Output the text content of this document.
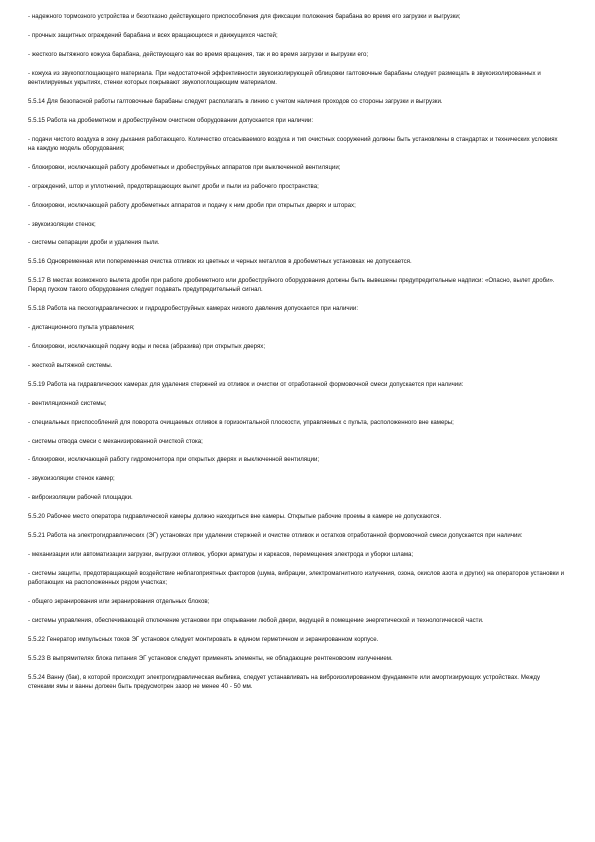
- надежного тормозного устройства и безотказно действующего приспособления для фиксации положения барабана во время его загрузки и выгрузки;

- прочных защитных ограждений барабана и всех вращающихся и движущихся частей;

- жесткого вытяжного кожуха барабана, действующего как во время вращения, так и во время загрузки и выгрузки его;

- кожуха из звукопоглощающего материала. При недостаточной эффективности звукоизолирующей облицовки галтовочные барабаны следует размещать в звукоизолированных и вентилируемых укрытиях, стенки которых покрывают звукопоглощающим материалом.

5.5.14 Для безопасной работы галтовочные барабаны следует располагать в линию с учетом наличия проходов со стороны загрузки и выгрузки.

5.5.15 Работа на дробеметном и дробеструйном очистном оборудовании допускается при наличии:

- подачи чистого воздуха в зону дыхания работающего. Количество отсасываемого воздуха и тип очистных сооружений должны быть установлены в стандартах и технических условиях на каждую модель оборудования;

- блокировки, исключающей работу дробеметных и дробеструйных аппаратов при выключенной вентиляции;

- ограждений, штор и уплотнений, предотвращающих вылет дроби и пыли из рабочего пространства;

- блокировки, исключающей работу дробеметных аппаратов и подачу к ним дроби при открытых дверях и шторах;

- звукоизоляции стенок;

- системы сепарации дроби и удаления пыли.

5.5.16 Одновременная или попеременная очистка отливок из цветных и черных металлов в дробеметных установках не допускается.

5.5.17 В местах возможного вылета дроби при работе дробеметного или дробеструйного оборудования должны быть вывешены предупредительные надписи: «Опасно, вылет дроби». Перед пуском такого оборудования следует подавать предупредительный сигнал.

5.5.18 Работа на пескогидравлических и гидродробеструйных камерах низкого давления допускается при наличии:

- дистанционного пульта управления;

- блокировки, исключающей подачу воды и песка (абразива) при открытых дверях;

- жесткой вытяжной системы.

5.5.19 Работа на гидравлических камерах для удаления стержней из отливок и очистки от отработанной формовочной смеси допускается при наличии:

- вентиляционной системы;

- специальных приспособлений для поворота очищаемых отливок в горизонтальной плоскости, управляемых с пульта, расположенного вне камеры;

- системы отвода смеси с механизированной очисткой стока;

- блокировки, исключающей работу гидромонитора при открытых дверях и выключенной вентиляции;

- звукоизоляции стенок камер;

- виброизоляции рабочей площадки.

5.5.20 Рабочее место оператора гидравлической камеры должно находиться вне камеры. Открытые рабочие проемы в камере не допускаются.

5.5.21 Работа на электрогидравлических (ЭГ) установках при удалении стержней и очистке отливок и остатков отработанной формовочной смеси допускается при наличии:

- механизации или автоматизации загрузки, выгрузки отливок, уборки арматуры и каркасов, перемещения электрода и уборки шлама;

- системы защиты, предотвращающей воздействие неблагоприятных факторов (шума, вибрации, электромагнитного излучения, озона, окислов азота и других) на операторов установки и работающих на расположенных рядом участках;

- общего экранирования или экранирования отдельных блоков;

- системы управления, обеспечивающей отключение установки при открывании любой двери, ведущей в помещение энергетической и технологической части.

5.5.22 Генератор импульсных токов ЭГ установок следует монтировать в едином герметичном и экранированном корпусе.

5.5.23 В выпрямителях блока питания ЭГ установок следует применять элементы, не обладающие рентгеновским излучением.

5.5.24 Ванну (бак), в которой происходит электрогидравлическая выбивка, следует устанавливать на виброизолированном фундаменте или амортизирующих устройствах. Между стенками ямы и ванны должен быть предусмотрен зазор не менее 40 - 50 мм.
